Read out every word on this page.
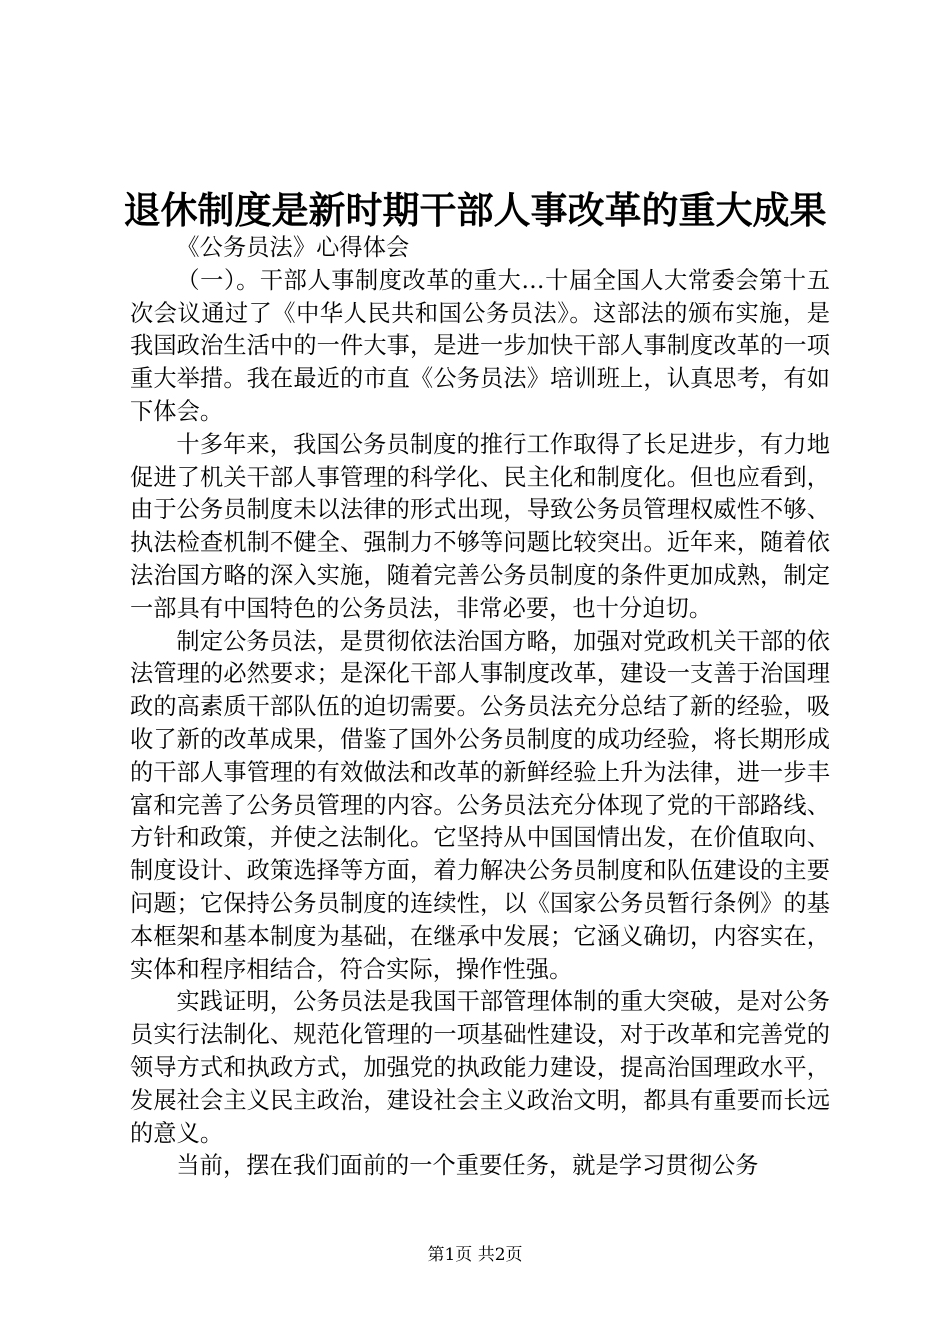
退休制度是新时期干部人事改革的重大成果

《公务员法》心得体会

（一）。干部人事制度改革的重大…十届全国人大常委会第十五次会议通过了《中华人民共和国公务员法》。这部法的颁布实施，是我国政治生活中的一件大事，是进一步加快干部人事制度改革的一项重大举措。我在最近的市直《公务员法》培训班上，认真思考，有如下体会。

十多年来，我国公务员制度的推行工作取得了长足进步，有力地促进了机关干部人事管理的科学化、民主化和制度化。但也应看到，由于公务员制度未以法律的形式出现，导致公务员管理权威性不够、执法检查机制不健全、强制力不够等问题比较突出。近年来，随着依法治国方略的深入实施，随着完善公务员制度的条件更加成熟，制定一部具有中国特色的公务员法，非常必要，也十分迫切。

制定公务员法，是贯彻依法治国方略，加强对党政机关干部的依法管理的必然要求；是深化干部人事制度改革，建设一支善于治国理政的高素质干部队伍的迫切需要。公务员法充分总结了新的经验，吸收了新的改革成果，借鉴了国外公务员制度的成功经验，将长期形成的干部人事管理的有效做法和改革的新鲜经验上升为法律，进一步丰富和完善了公务员管理的内容。公务员法充分体现了党的干部路线、方针和政策，并使之法制化。它坚持从中国国情出发，在价值取向、制度设计、政策选择等方面，着力解决公务员制度和队伍建设的主要问题；它保持公务员制度的连续性，以《国家公务员暂行条例》的基本框架和基本制度为基础，在继承中发展；它涵义确切，内容实在，实体和程序相结合，符合实际，操作性强。

实践证明，公务员法是我国干部管理体制的重大突破，是对公务员实行法制化、规范化管理的一项基础性建设，对于改革和完善党的领导方式和执政方式，加强党的执政能力建设，提高治国理政水平，发展社会主义民主政治，建设社会主义政治文明，都具有重要而长远的意义。

当前，摆在我们面前的一个重要任务，就是学习贯彻公务

第1页 共2页
